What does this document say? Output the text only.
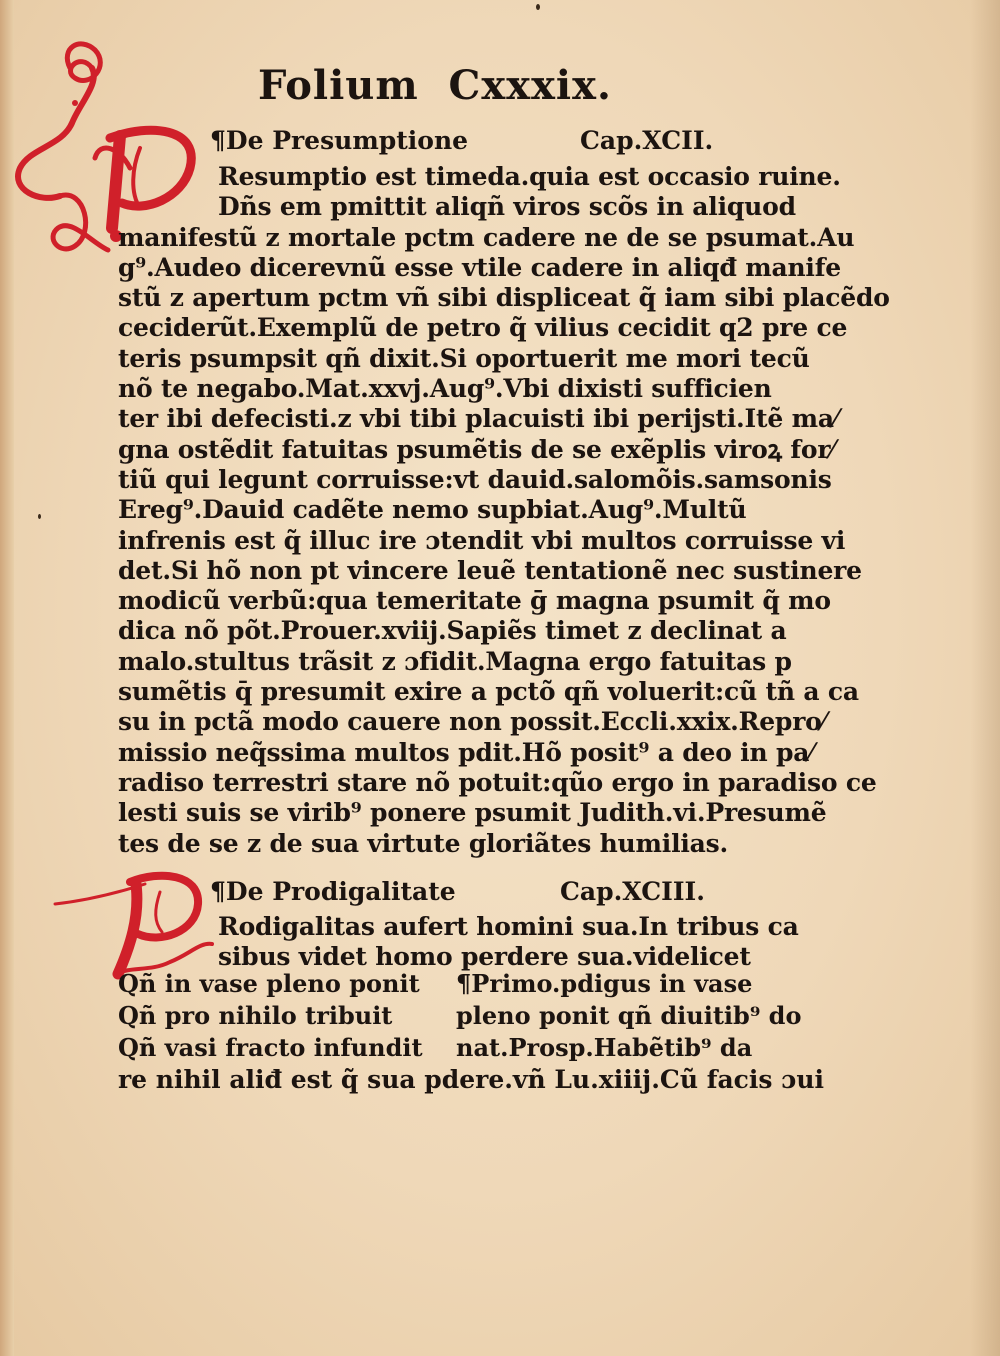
Folium  Cxxxix.
¶De Presumptione	Cap.XCII.
Resumptio est timeda.quia est occasio ruine.
Dñs em pmittit aliqñ viros scõs in aliquod
manifestũ z mortale pctm cadere ne de se psumat.Au
g⁹.Audeo dicerevnũ esse vtile cadere in aliqđ manife
stũ z apertum pctm vñ sibi displiceat q̃ iam sibi placẽdo
ceciderũt.Exemplũ de petro q̃ vilius cecidit q2 pre ce
teris psumpsit qñ dixit.Si oportuerit me mori tecũ
nõ te negabo.Mat.xxvj.Aug⁹.Vbi dixisti sufficien
ter ibi defecisti.z vbi tibi placuisti ibi perijsti.Itẽ ma⁄
gna ostẽdit fatuitas psumẽtis de se exẽplis viroꝝ for⁄
tiũ qui legunt corruisse:vt dauid.salomõis.samsonis
Ereg⁹.Dauid cadẽte nemo supbiat.Aug⁹.Multũ
infrenis est q̃ illuc ire ɔtendit vbi multos corruisse vi
det.Si hõ non pt vincere leuẽ tentationẽ nec sustinere
modicũ verbũ:qua temeritate ḡ magna psumit q̃ mo
dica nõ põt.Prouer.xviij.Sapiẽs timet z declinat a
malo.stultus trãsit z ɔfidit.Magna ergo fatuitas p
sumẽtis q̄ presumit exire a pctõ qñ voluerit:cũ tñ a ca
su in pctã modo cauere non possit.Eccli.xxix.Repro⁄
missio neq̃ssima multos pdit.Hõ posit⁹ a deo in pa⁄
radiso terrestri stare nõ potuit:qũo ergo in paradiso ce
lesti suis se virib⁹ ponere psumit Judith.vi.Presumẽ
tes de se z de sua virtute gloriãtes humilias.
¶De Prodigalitate	Cap.XCIII.
Rodigalitas aufert homini sua.In tribus ca
sibus videt homo perdere sua.videlicet
Qñ in vase pleno ponit
Qñ pro nihilo tribuit
Qñ vasi fracto infundit
¶Primo.pdigus in vase
pleno ponit qñ diuitib⁹ do
nat.Prosp.Habẽtib⁹ da
re nihil aliđ est q̃ sua pdere.vñ Lu.xiiij.Cũ facis ɔui
